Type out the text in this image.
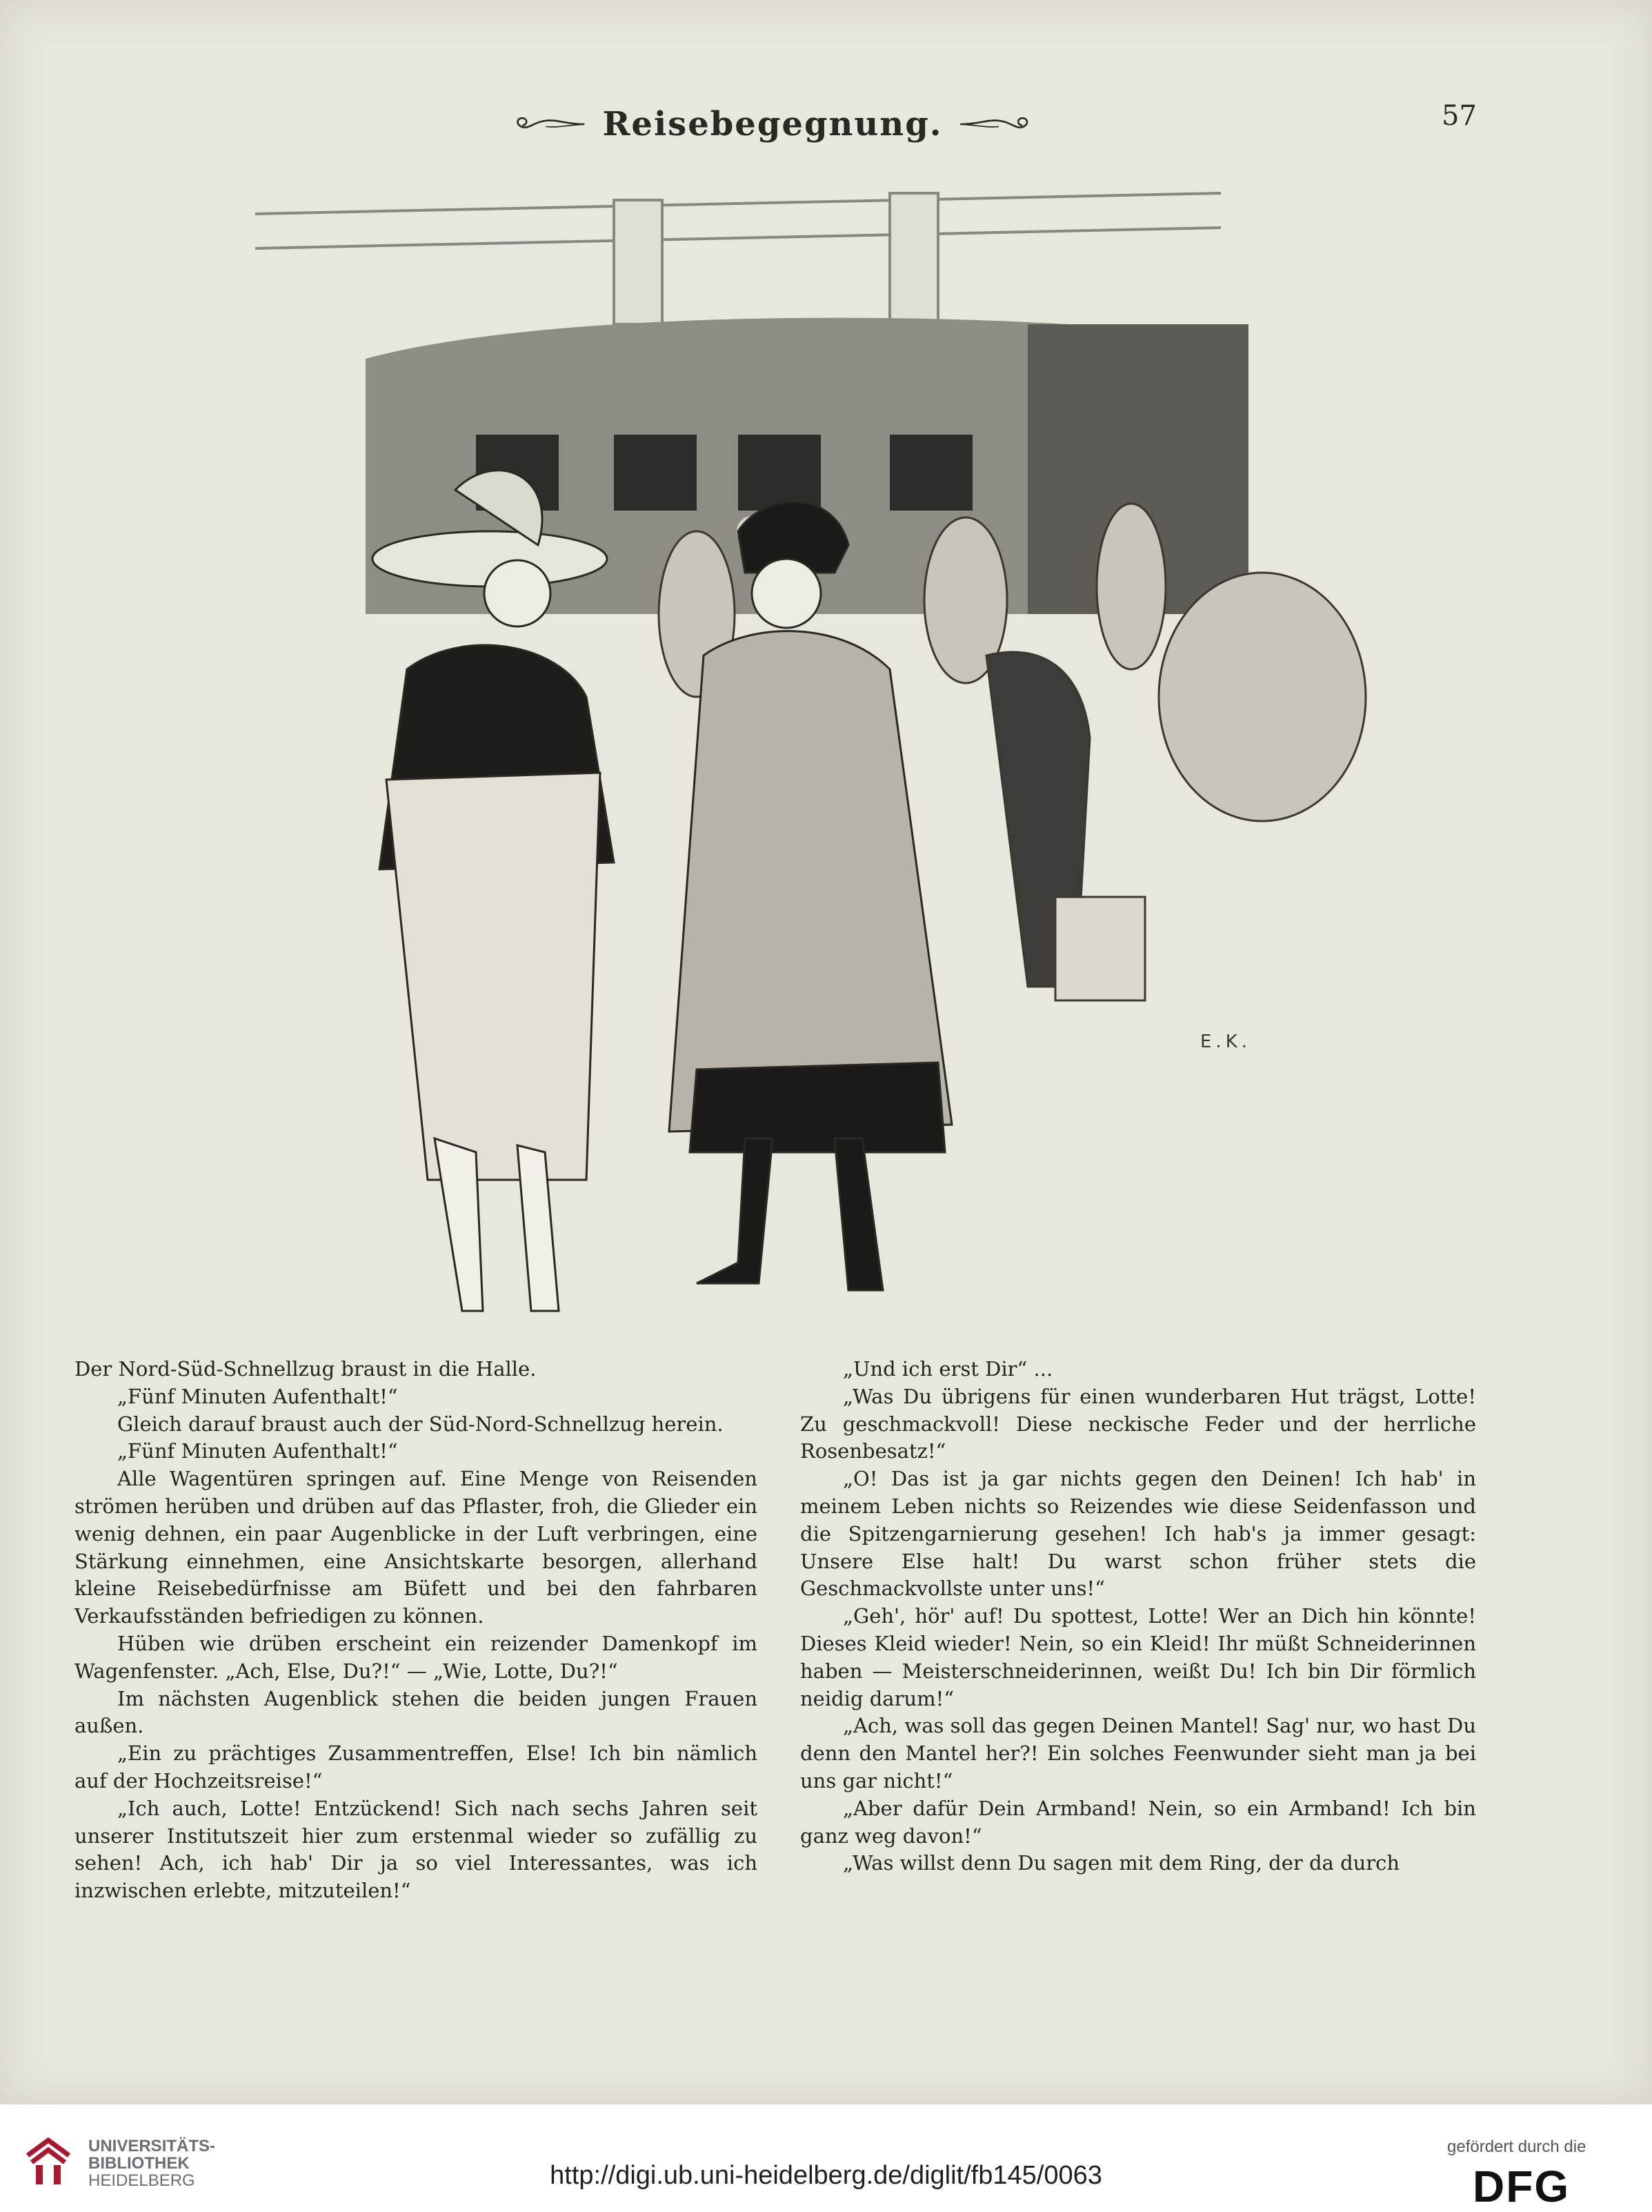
Reisebegegnung.	57
E.K.

Der Nord-Süd-Schnellzug braust in die Halle.

„Fünf Minuten Aufenthalt!“

Gleich darauf braust auch der Süd-Nord-Schnellzug herein.

„Fünf Minuten Aufenthalt!“

Alle Wagentüren springen auf. Eine Menge von Reisenden strömen herüben und drüben auf das Pflaster, froh, die Glieder ein wenig dehnen, ein paar Augenblicke in der Luft verbringen, eine Stärkung einnehmen, eine Ansichtskarte besorgen, allerhand kleine Reisebedürfnisse am Büfett und bei den fahrbaren Verkaufsständen befriedigen zu können.

Hüben wie drüben erscheint ein reizender Damenkopf im Wagenfenster. „Ach, Else, Du?!“ — „Wie, Lotte, Du?!“

Im nächsten Augenblick stehen die beiden jungen Frauen außen.

„Ein zu prächtiges Zusammentreffen, Else! Ich bin nämlich auf der Hochzeitsreise!“

„Ich auch, Lotte! Entzückend! Sich nach sechs Jahren seit unserer Institutszeit hier zum erstenmal wieder so zufällig zu sehen! Ach, ich hab' Dir ja so viel Interessantes, was ich inzwischen erlebte, mitzuteilen!“

„Und ich erst Dir“ ...

„Was Du übrigens für einen wunderbaren Hut trägst, Lotte! Zu geschmackvoll! Diese neckische Feder und der herrliche Rosenbesatz!“

„O! Das ist ja gar nichts gegen den Deinen! Ich hab' in meinem Leben nichts so Reizendes wie diese Seidenfasson und die Spitzengarnierung gesehen! Ich hab's ja immer gesagt: Unsere Else halt! Du warst schon früher stets die Geschmackvollste unter uns!“

„Geh', hör' auf! Du spottest, Lotte! Wer an Dich hin könnte! Dieses Kleid wieder! Nein, so ein Kleid! Ihr müßt Schneiderinnen haben — Meisterschneiderinnen, weißt Du! Ich bin Dir förmlich neidig darum!“

„Ach, was soll das gegen Deinen Mantel! Sag' nur, wo hast Du denn den Mantel her?! Ein solches Feenwunder sieht man ja bei uns gar nicht!“

„Aber dafür Dein Armband! Nein, so ein Armband! Ich bin ganz weg davon!“

„Was willst denn Du sagen mit dem Ring, der da durch

UNIVERSITÄTS-
BIBLIOTHEK
HEIDELBERG	http://digi.ub.uni-heidelberg.de/diglit/fb145/0063
gefördert durch die
DFG
